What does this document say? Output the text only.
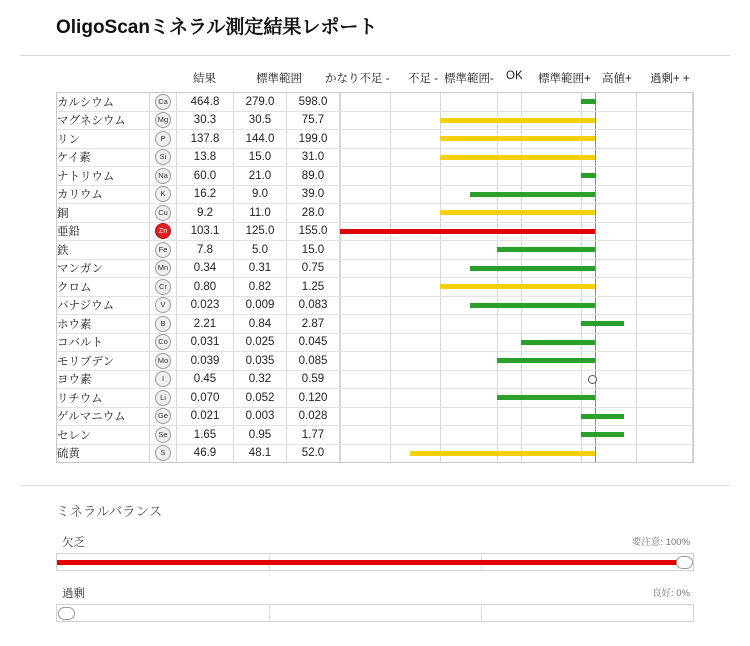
OligoScanミネラル測定結果レポート
結果	標準範囲 かなり不足 - 不足 - 標準範囲- OK 標準範囲+ 高値+ 過剰+ +
カルシウム	Ca	464.8	279.0	598.0	

マグネシウム	Mg	30.3	30.5	75.7	

リン	P	137.8	144.0	199.0	

ケイ素	Si	13.8	15.0	31.0	

ナトリウム	Na	60.0	21.0	89.0	

カリウム	K	16.2	9.0	39.0	

銅	Cu	9.2	11.0	28.0	

亜鉛	Zn	103.1	125.0	155.0	

鉄	Fe	7.8	5.0	15.0	

マンガン	Mn	0.34	0.31	0.75	

クロム	Cr	0.80	0.82	1.25	

バナジウム	V	0.023	0.009	0.083	

ホウ素	B	2.21	0.84	2.87	

コバルト	Co	0.031	0.025	0.045	

モリブデン	Mo	0.039	0.035	0.085	

ヨウ素	I	0.45	0.32	0.59	

リチウム	Li	0.070	0.052	0.120	

ゲルマニウム	Ge	0.021	0.003	0.028	

セレン	Se	1.65	0.95	1.77	

硫黄	S	46.9	48.1	52.0	
ミネラルバランス
欠乏	要注意: 100%
過剰	良好: 0%
